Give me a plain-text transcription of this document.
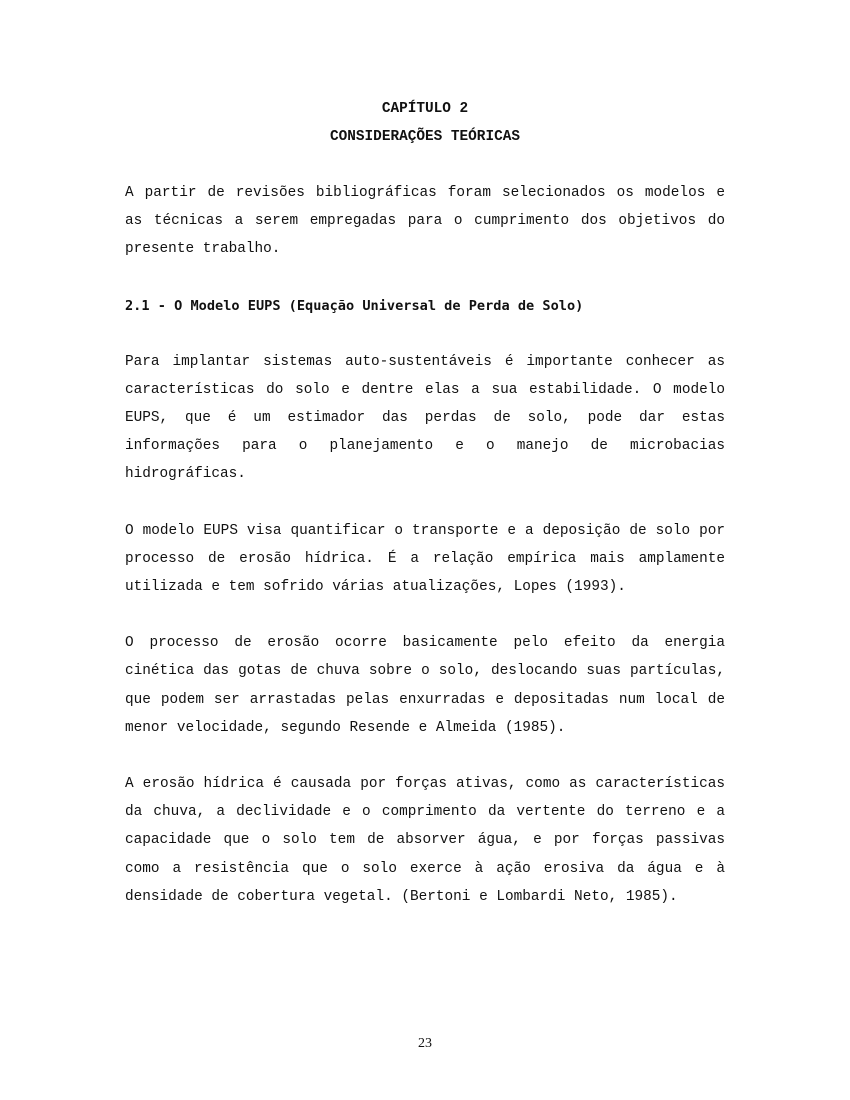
CAPÍTULO 2

CONSIDERAÇÕES TEÓRICAS

A partir de revisões bibliográficas foram selecionados os modelos e as técnicas a serem empregadas para o cumprimento dos objetivos do presente trabalho.

2.1 - O Modelo EUPS (Equação Universal de Perda de Solo)

Para implantar sistemas auto-sustentáveis é importante conhecer as características do solo e dentre elas a sua estabilidade. O modelo EUPS, que é um estimador das perdas de solo, pode dar estas informações para o planejamento e o manejo de microbacias hidrográficas.

O modelo EUPS visa quantificar o transporte e a deposição de solo por processo de erosão hídrica. É a relação empírica mais amplamente utilizada e tem sofrido várias atualizações, Lopes (1993).

O processo de erosão ocorre basicamente pelo efeito da energia cinética das gotas de chuva sobre o solo, deslocando suas partículas, que podem ser arrastadas pelas enxurradas e depositadas num local de menor velocidade, segundo Resende e Almeida (1985).

A erosão hídrica é causada por forças ativas, como as características da chuva, a declividade e o comprimento da vertente do terreno e a capacidade que o solo tem de absorver água, e por forças passivas como a resistência que o solo exerce à ação erosiva da água e à densidade de cobertura vegetal. (Bertoni e Lombardi Neto, 1985).

23
